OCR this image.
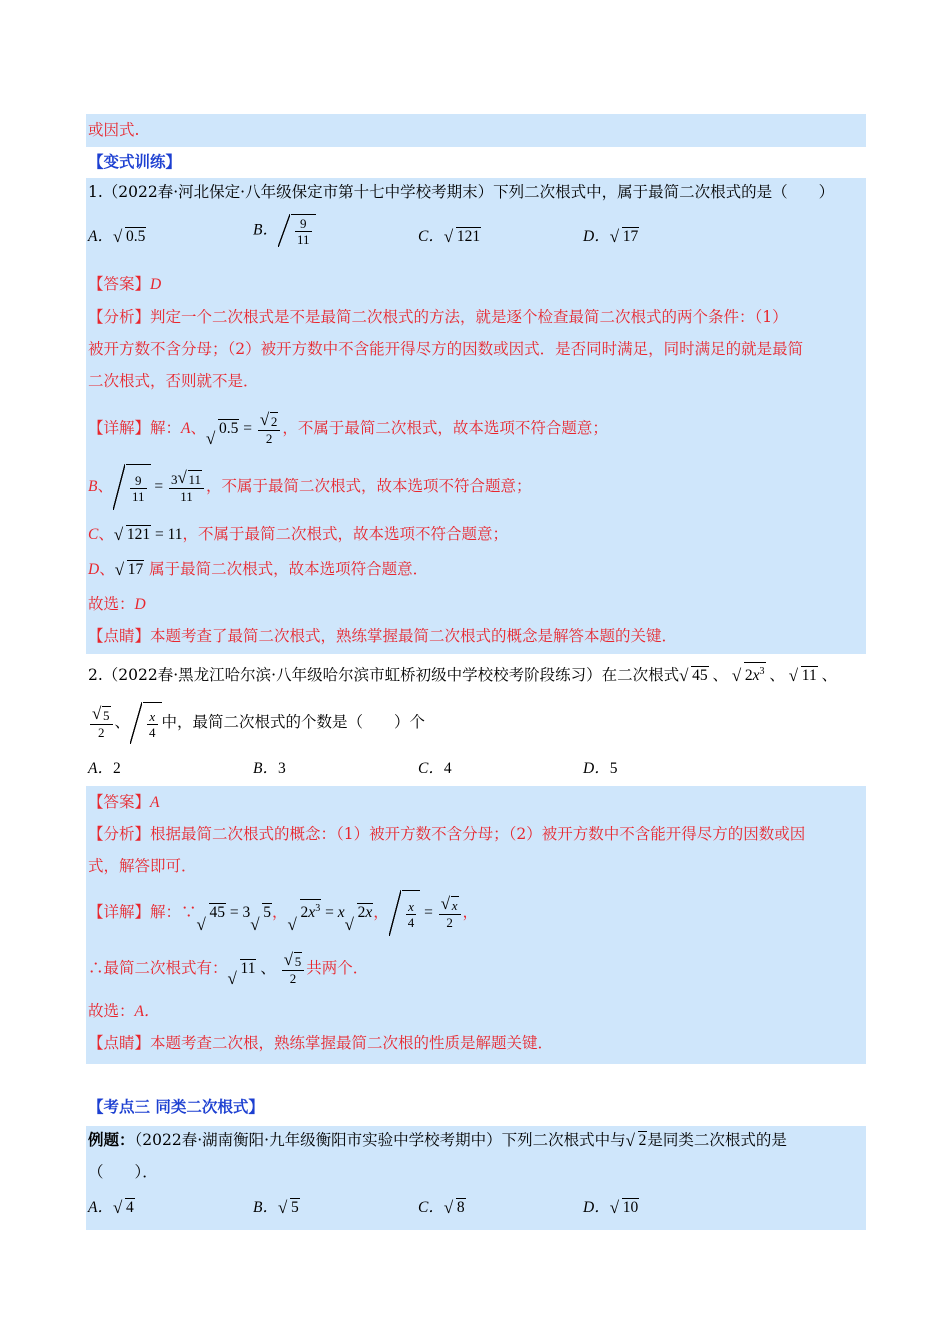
或因式.
【变式训练】
1.（2022春·河北保定·八年级保定市第十七中学校考期末）下列二次根式中，属于最简二次根式的是（　　）
A．√ 0.5	B． $\frac{9}{11}$	C．√ 121	D．√ 17
【答案】D
【分析】判定一个二次根式是不是最简二次根式的方法，就是逐个检查最简二次根式的两个条件：（1）
被开方数不含分母；（2）被开方数中不含能开得尽方的因数或因式．是否同时满足，同时满足的就是最简
二次根式，否则就不是．
【详解】解：A、√ 0.5 =
√ $\frac{2}{2}$ ，不属于最简二次根式，故本选项不符合题意；
B、 $\frac{9}{11} = \frac{3√ 11}{11}$ ，不属于最简二次根式，故本选项不符合题意；
C、√ 121 = 11，不属于最简二次根式，故本选项不符合题意；
D、√ 17 属于最简二次根式，故本选项符合题意．
故选：D
【点睛】本题考查了最简二次根式，熟练掌握最简二次根式的概念是解答本题的关键．
2.（2022春·黑龙江哈尔滨·八年级哈尔滨市虹桥初级中学校校考阶段练习）在二次根式√ 45 、 √ $2x^3$ 、 √ 11 、
√ $\frac{5}{2}$ 、 $\frac{x}{4}$ 中，最简二次根式的个数是（　　）个
A．2	B．3	C．4	D．5
【答案】A
【分析】根据最简二次根式的概念：（1）被开方数不含分母；（2）被开方数中不含能开得尽方的因数或因
式，解答即可．
【详解】解：∵√ 45 = 3√ 5，√ $2x^3 = x√$ 2x， $\frac{x}{4}$ =
√ $\frac{x}{2}$ ，
∴最简二次根式有：√ 11 、
√ $\frac{5}{2}$ 共两个．
故选：A．
【点睛】本题考查二次根，熟练掌握最简二次根的性质是解题关键．
【考点三 同类二次根式】
例题：（2022春·湖南衡阳·九年级衡阳市实验中学校考期中）下列二次根式中与√ 2是同类二次根式的是
（　　）．
A．√ 4	B．√ 5	C．√ 8	D．√ 10
